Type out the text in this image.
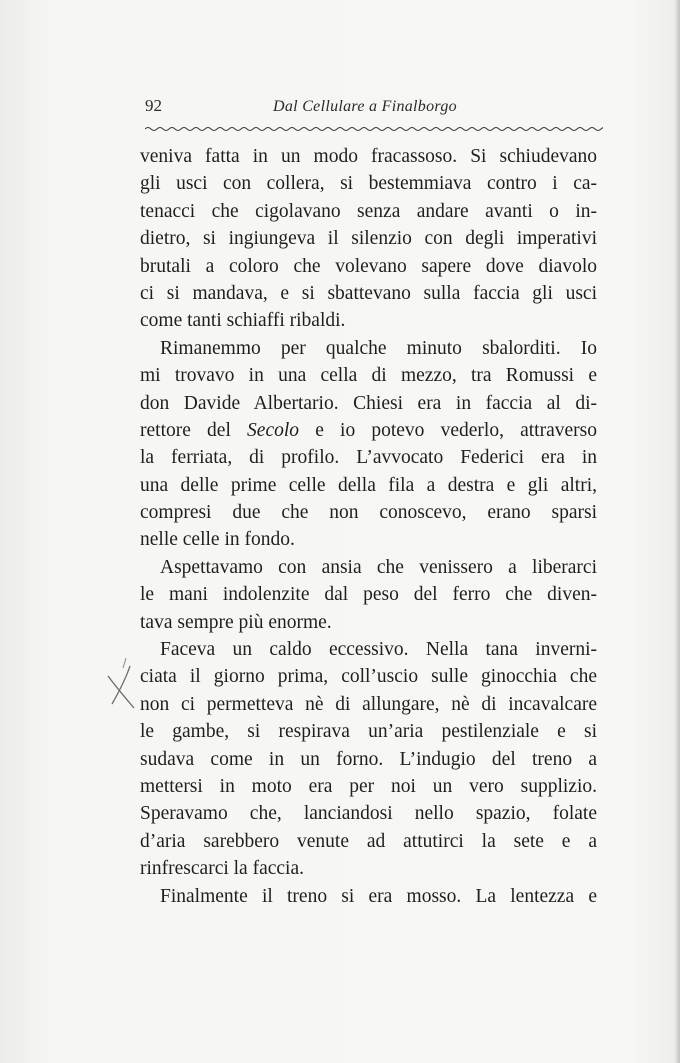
92	Dal Cellulare a Finalborgo
veniva fatta in un modo fracassoso. Si schiudevano
gli usci con collera, si bestemmiava contro i ca-
tenacci che cigolavano senza andare avanti o in-
dietro, si ingiungeva il silenzio con degli imperativi
brutali a coloro che volevano sapere dove diavolo
ci si mandava, e si sbattevano sulla faccia gli usci
come tanti schiaffi ribaldi.
Rimanemmo per qualche minuto sbalorditi. Io
mi trovavo in una cella di mezzo, tra Romussi e
don Davide Albertario. Chiesi era in faccia al di-
rettore del Secolo e io potevo vederlo, attraverso
la ferriata, di profilo. L’avvocato Federici era in
una delle prime celle della fila a destra e gli altri,
compresi due che non conoscevo, erano sparsi
nelle celle in fondo.
Aspettavamo con ansia che venissero a liberarci
le mani indolenzite dal peso del ferro che diven-
tava sempre più enorme.
Faceva un caldo eccessivo. Nella tana inverni-
ciata il giorno prima, coll’uscio sulle ginocchia che
non ci permetteva nè di allungare, nè di incavalcare
le gambe, si respirava un’aria pestilenziale e si
sudava come in un forno. L’indugio del treno a
mettersi in moto era per noi un vero supplizio.
Speravamo che, lanciandosi nello spazio, folate
d’aria sarebbero venute ad attutirci la sete e a
rinfrescarci la faccia.
Finalmente il treno si era mosso. La lentezza e
